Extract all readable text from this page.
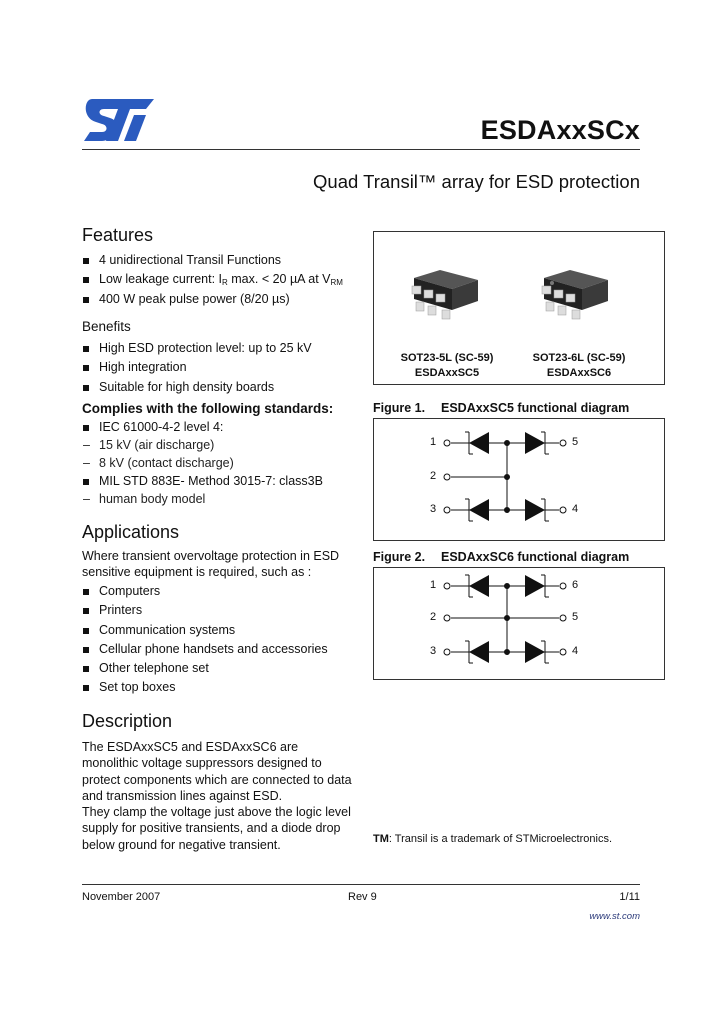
ESDAxxSCx
Quad Transil™ array for ESD protection
Features
4 unidirectional Transil Functions
Low leakage current: $I_R$ max. < 20 µA at $V_{RM}$
400 W peak pulse power (8/20 µs)
Benefits
High ESD protection level: up to 25 kV
High integration
Suitable for high density boards
Complies with the following standards:
IEC 61000-4-2 level 4:
– 15 kV (air discharge)
– 8 kV (contact discharge)
MIL STD 883E- Method 3015-7: class3B
– human body model
Applications
Where transient overvoltage protection in ESD sensitive equipment is required, such as :
Computers
Printers
Communication systems
Cellular phone handsets and accessories
Other telephone set
Set top boxes
Description
The ESDAxxSC5 and ESDAxxSC6 are monolithic voltage suppressors designed to protect components which are connected to data and transmission lines against ESD.
They clamp the voltage just above the logic level supply for positive transients, and a diode drop below ground for negative transient.
SOT23-5L (SC-59)
ESDAxxSC5
SOT23-6L (SC-59)
ESDAxxSC6
Figure 1. ESDAxxSC5 functional diagram
1
2
3
5
4
Figure 2. ESDAxxSC6 functional diagram
1
2
3
6
5
4
TM: Transil is a trademark of STMicroelectronics.
November 2007	Rev 9	1/11
www.st.com
